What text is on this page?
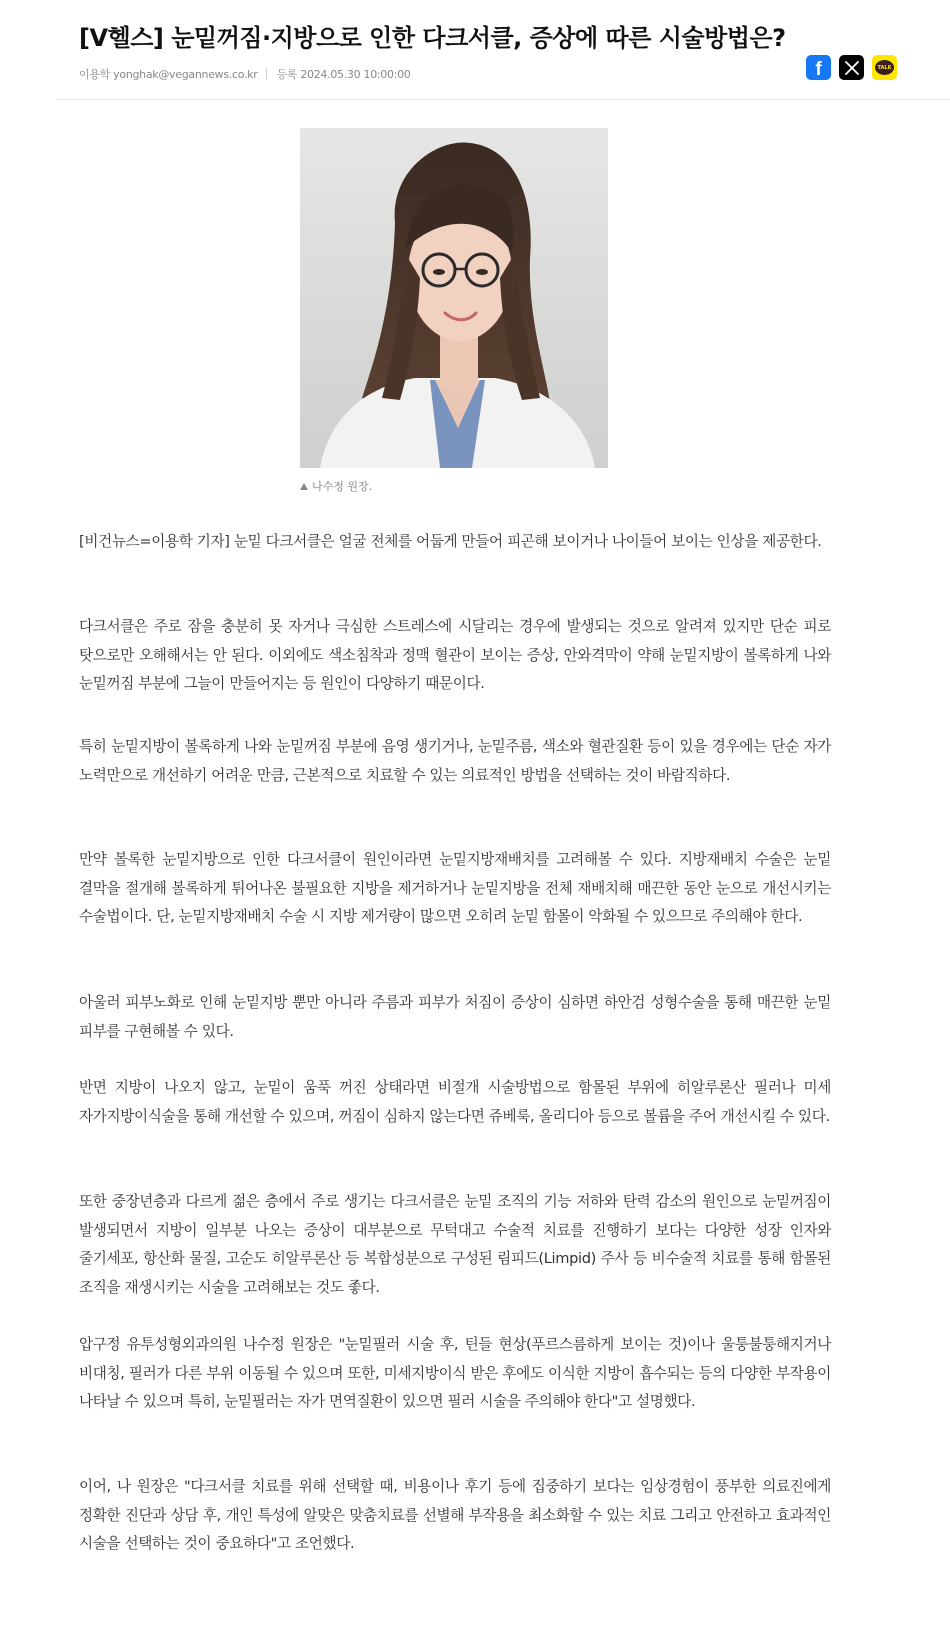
[V헬스] 눈밑꺼짐·지방으로 인한 다크서클, 증상에 따른 시술방법은?
이용학 yonghak@vegannews.co.kr 등록 2024.05.30 10:00:00	f	TALK
나수정 원장.

[비건뉴스=이용학 기자] 눈밑 다크서클은 얼굴 전체를 어둡게 만들어 피곤해 보이거나 나이들어 보이는 인상을 제공한다.

다크서클은 주로 잠을 충분히 못 자거나 극심한 스트레스에 시달리는 경우에 발생되는 것으로 알려져 있지만 단순 피로 탓으로만 오해해서는 안 된다. 이외에도 색소침착과 정맥 혈관이 보이는 증상, 안와격막이 약해 눈밑지방이 볼록하게 나와 눈밑꺼짐 부분에 그늘이 만들어지는 등 원인이 다양하기 때문이다.

특히 눈밑지방이 볼록하게 나와 눈밑꺼짐 부분에 음영 생기거나, 눈밑주름, 색소와 혈관질환 등이 있을 경우에는 단순 자가 노력만으로 개선하기 어려운 만큼, 근본적으로 치료할 수 있는 의료적인 방법을 선택하는 것이 바람직하다.

만약 볼록한 눈밑지방으로 인한 다크서클이 원인이라면 눈밑지방재배치를 고려해볼 수 있다. 지방재배치 수술은 눈밑 결막을 절개해 볼록하게 튀어나온 불필요한 지방을 제거하거나 눈밑지방을 전체 재배치해 매끈한 동안 눈으로 개선시키는 수술법이다. 단, 눈밑지방재배치 수술 시 지방 제거량이 많으면 오히려 눈밑 함몰이 악화될 수 있으므로 주의해야 한다.

아울러 피부노화로 인해 눈밑지방 뿐만 아니라 주름과 피부가 처짐이 증상이 심하면 하안검 성형수술을 통해 매끈한 눈밑 피부를 구현해볼 수 있다.

반면 지방이 나오지 않고, 눈밑이 움푹 꺼진 상태라면 비절개 시술방법으로 함몰된 부위에 히알루론산 필러나 미세 자가지방이식술을 통해 개선할 수 있으며, 꺼짐이 심하지 않는다면 쥬베룩, 올리디아 등으로 볼륨을 주어 개선시킬 수 있다.

또한 중장년층과 다르게 젊은 층에서 주로 생기는 다크서클은 눈밑 조직의 기능 저하와 탄력 감소의 원인으로 눈밑꺼짐이 발생되면서 지방이 일부분 나오는 증상이 대부분으로 무턱대고 수술적 치료를 진행하기 보다는 다양한 성장 인자와 줄기세포, 항산화 물질, 고순도 히알루론산 등 복합성분으로 구성된 림피드(Limpid) 주사 등 비수술적 치료를 통해 함몰된 조직을 재생시키는 시술을 고려해보는 것도 좋다.

압구정 유투성형외과의원 나수정 원장은 "눈밑필러 시술 후, 틴들 현상(푸르스름하게 보이는 것)이나 울퉁불퉁해지거나 비대칭, 필러가 다른 부위 이동될 수 있으며 또한, 미세지방이식 받은 후에도 이식한 지방이 흡수되는 등의 다양한 부작용이 나타날 수 있으며 특히, 눈밑필러는 자가 면역질환이 있으면 필러 시술을 주의해야 한다"고 설명했다.

이어, 나 원장은 "다크서클 치료를 위해 선택할 때, 비용이나 후기 등에 집중하기 보다는 임상경험이 풍부한 의료진에게 정확한 진단과 상담 후, 개인 특성에 알맞은 맞춤치료를 선별해 부작용을 최소화할 수 있는 치료 그리고 안전하고 효과적인 시술을 선택하는 것이 중요하다"고 조언했다.
